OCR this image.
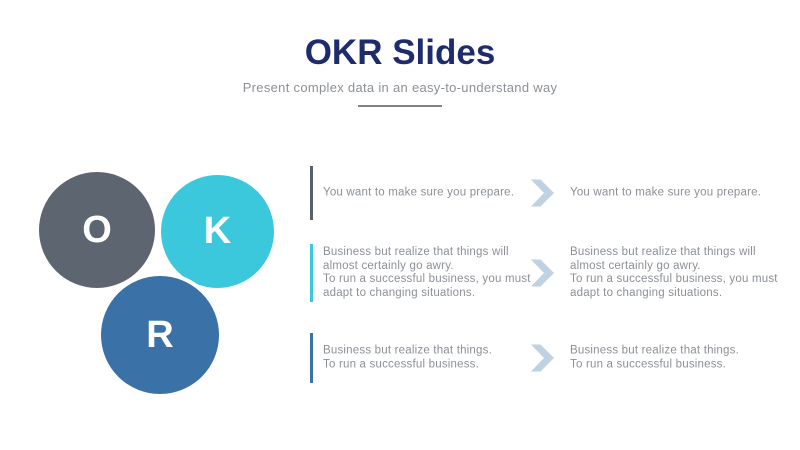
OKR Slides
Present complex data in an easy-to-understand way
O K
R
You want to make sure you prepare.	You want to make sure you prepare.
Business but realize that things will
almost certainly go awry.
To run a successful business, you must
adapt to changing situations.
Business but realize that things will
almost certainly go awry.
To run a successful business, you must
adapt to changing situations.
Business but realize that things.
To run a successful business.
Business but realize that things.
To run a successful business.
